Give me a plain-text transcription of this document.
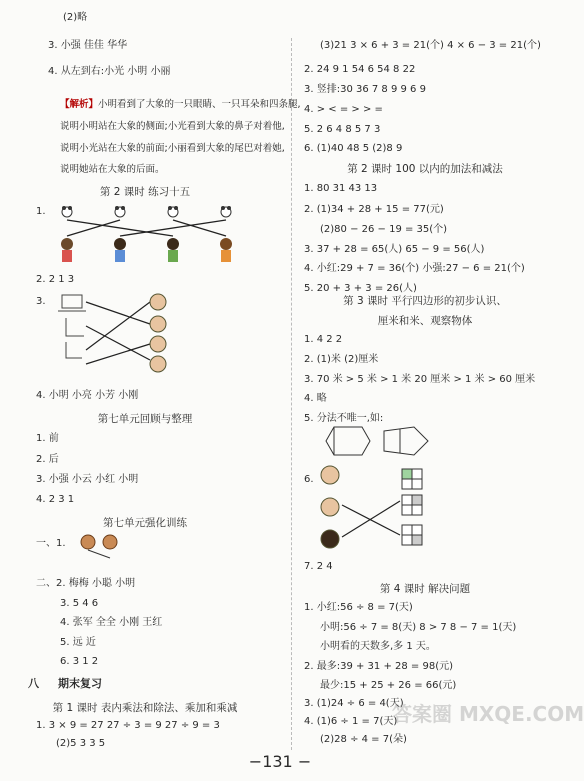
(2)略
3. 小强 佳佳 华华
4. 从左到右:小光 小明 小丽
【解析】小明看到了大象的一只眼睛、一只耳朵和四条腿,
说明小明站在大象的侧面;小光看到大象的鼻子对着他,
说明小光站在大象的前面;小丽看到大象的尾巴对着她,
说明她站在大象的后面。
第 2 课时 练习十五
1.
2. 2 1 3
3.
4. 小明 小亮 小芳 小刚
第七单元回顾与整理
1. 前
2. 后
3. 小强 小云 小红 小明
4. 2 3 1
第七单元强化训练
一、1.
二、2. 梅梅 小聪 小明
3. 5 4 6
4. 张军 全全 小刚 王红
5. 远 近
6. 3 1 2
八 期末复习
第 1 课时 表内乘法和除法、乘加和乘减
1. 3 × 9 = 27 27 ÷ 3 = 9 27 ÷ 9 = 3
(2)5 3 3 5
(3)21 3 × 6 + 3 = 21(个) 4 × 6 − 3 = 21(个)
2. 24 9 1 54 6 54 8 22
3. 竖排:30 36 7 8 9 9 6 9
4. > < = > > =
5. 2 6 4 8 5 7 3
6. (1)40 48 5 (2)8 9
第 2 课时 100 以内的加法和减法
1. 80 31 43 13
2. (1)34 + 28 + 15 = 77(元)
(2)80 − 26 − 19 = 35(个)
3. 37 + 28 = 65(人) 65 − 9 = 56(人)
4. 小红:29 + 7 = 36(个) 小强:27 − 6 = 21(个)
5. 20 + 3 + 3 = 26(人)
第 3 课时 平行四边形的初步认识、
厘米和米、观察物体
1. 4 2 2
2. (1)米 (2)厘米
3. 70 米 > 5 米 > 1 米 20 厘米 > 1 米 > 60 厘米
4. 略
5. 分法不唯一,如:
6.
7. 2 4
第 4 课时 解决问题
1. 小红:56 ÷ 8 = 7(天)
小明:56 ÷ 7 = 8(天) 8 > 7 8 − 7 = 1(天)
小明看的天数多,多 1 天。
2. 最多:39 + 31 + 28 = 98(元)
最少:15 + 25 + 26 = 66(元)
3. (1)24 ÷ 6 = 4(天)
4. (1)6 ÷ 1 = 7(天)
(2)28 ÷ 4 = 7(朵)
−131 −
答案圈 MXQE.COM
